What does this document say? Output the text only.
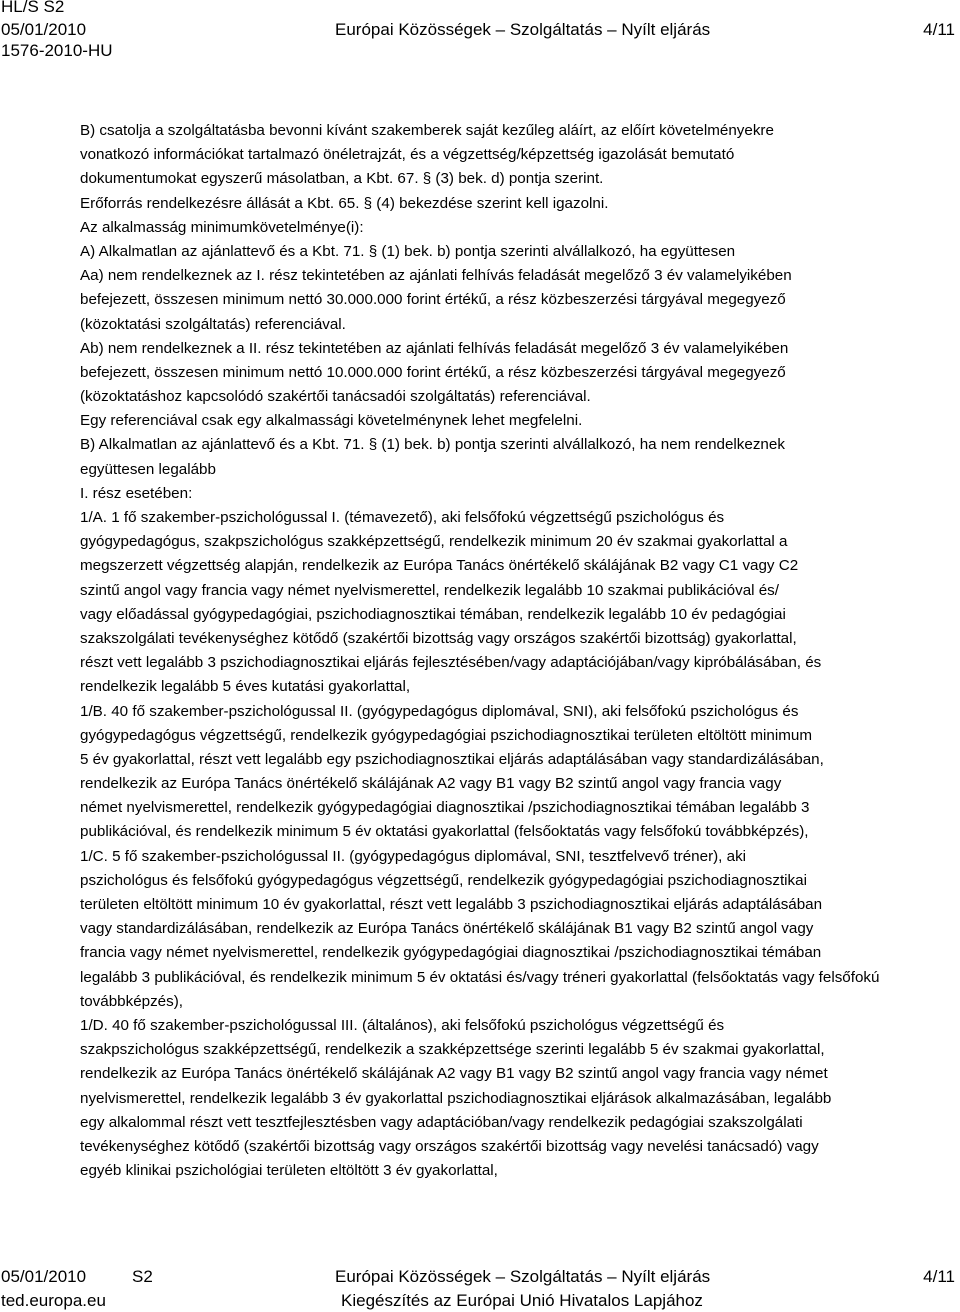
HL/S S2
05/01/2010
1576-2010-HU
Európai Közösségek – Szolgáltatás – Nyílt eljárás	4/11
B) csatolja a szolgáltatásba bevonni kívánt szakemberek saját kezűleg aláírt, az előírt követelményekre
vonatkozó információkat tartalmazó önéletrajzát, és a végzettség/képzettség igazolását bemutató
dokumentumokat egyszerű másolatban, a Kbt. 67. § (3) bek. d) pontja szerint.
Erőforrás rendelkezésre állását a Kbt. 65. § (4) bekezdése szerint kell igazolni.
Az alkalmasság minimumkövetelménye(i):
A) Alkalmatlan az ajánlattevő és a Kbt. 71. § (1) bek. b) pontja szerinti alvállalkozó, ha együttesen
Aa) nem rendelkeznek az I. rész tekintetében az ajánlati felhívás feladását megelőző 3 év valamelyikében
befejezett, összesen minimum nettó 30.000.000 forint értékű, a rész közbeszerzési tárgyával megegyező
(közoktatási szolgáltatás) referenciával.
Ab) nem rendelkeznek a II. rész tekintetében az ajánlati felhívás feladását megelőző 3 év valamelyikében
befejezett, összesen minimum nettó 10.000.000 forint értékű, a rész közbeszerzési tárgyával megegyező
(közoktatáshoz kapcsolódó szakértői tanácsadói szolgáltatás) referenciával.
Egy referenciával csak egy alkalmassági követelménynek lehet megfelelni.
B) Alkalmatlan az ajánlattevő és a Kbt. 71. § (1) bek. b) pontja szerinti alvállalkozó, ha nem rendelkeznek
együttesen legalább
I. rész esetében:
1/A. 1 fő szakember-pszichológussal I. (témavezető), aki felsőfokú végzettségű pszichológus és
gyógypedagógus, szakpszichológus szakképzettségű, rendelkezik minimum 20 év szakmai gyakorlattal a
megszerzett végzettség alapján, rendelkezik az Európa Tanács önértékelő skálájának B2 vagy C1 vagy C2
szintű angol vagy francia vagy német nyelvismerettel, rendelkezik legalább 10 szakmai publikációval és/
vagy előadással gyógypedagógiai, pszichodiagnosztikai témában, rendelkezik legalább 10 év pedagógiai
szakszolgálati tevékenységhez kötődő (szakértői bizottság vagy országos szakértői bizottság) gyakorlattal,
részt vett legalább 3 pszichodiagnosztikai eljárás fejlesztésében/vagy adaptációjában/vagy kipróbálásában, és
rendelkezik legalább 5 éves kutatási gyakorlattal,
1/B. 40 fő szakember-pszichológussal II. (gyógypedagógus diplomával, SNI), aki felsőfokú pszichológus és
gyógypedagógus végzettségű, rendelkezik gyógypedagógiai pszichodiagnosztikai területen eltöltött minimum
5 év gyakorlattal, részt vett legalább egy pszichodiagnosztikai eljárás adaptálásában vagy standardizálásában,
rendelkezik az Európa Tanács önértékelő skálájának A2 vagy B1 vagy B2 szintű angol vagy francia vagy
német nyelvismerettel, rendelkezik gyógypedagógiai diagnosztikai /pszichodiagnosztikai témában legalább 3
publikációval, és rendelkezik minimum 5 év oktatási gyakorlattal (felsőoktatás vagy felsőfokú továbbképzés),
1/C. 5 fő szakember-pszichológussal II. (gyógypedagógus diplomával, SNI, tesztfelvevő tréner), aki
pszichológus és felsőfokú gyógypedagógus végzettségű, rendelkezik gyógypedagógiai pszichodiagnosztikai
területen eltöltött minimum 10 év gyakorlattal, részt vett legalább 3 pszichodiagnosztikai eljárás adaptálásában
vagy standardizálásában, rendelkezik az Európa Tanács önértékelő skálájának B1 vagy B2 szintű angol vagy
francia vagy német nyelvismerettel, rendelkezik gyógypedagógiai diagnosztikai /pszichodiagnosztikai témában
legalább 3 publikációval, és rendelkezik minimum 5 év oktatási és/vagy tréneri gyakorlattal (felsőoktatás vagy felsőfokú
továbbképzés),
1/D. 40 fő szakember-pszichológussal III. (általános), aki felsőfokú pszichológus végzettségű és
szakpszichológus szakképzettségű, rendelkezik a szakképzettsége szerinti legalább 5 év szakmai gyakorlattal,
rendelkezik az Európa Tanács önértékelő skálájának A2 vagy B1 vagy B2 szintű angol vagy francia vagy német
nyelvismerettel, rendelkezik legalább 3 év gyakorlattal pszichodiagnosztikai eljárások alkalmazásában, legalább
egy alkalommal részt vett tesztfejlesztésben vagy adaptációban/vagy rendelkezik pedagógiai szakszolgálati
tevékenységhez kötődő (szakértői bizottság vagy országos szakértői bizottság vagy nevelési tanácsadó) vagy
egyéb klinikai pszichológiai területen eltöltött 3 év gyakorlattal,
05/01/2010	S2
ted.europa.eu
Európai Közösségek – Szolgáltatás – Nyílt eljárás
Kiegészítés az Európai Unió Hivatalos Lapjához
4/11
